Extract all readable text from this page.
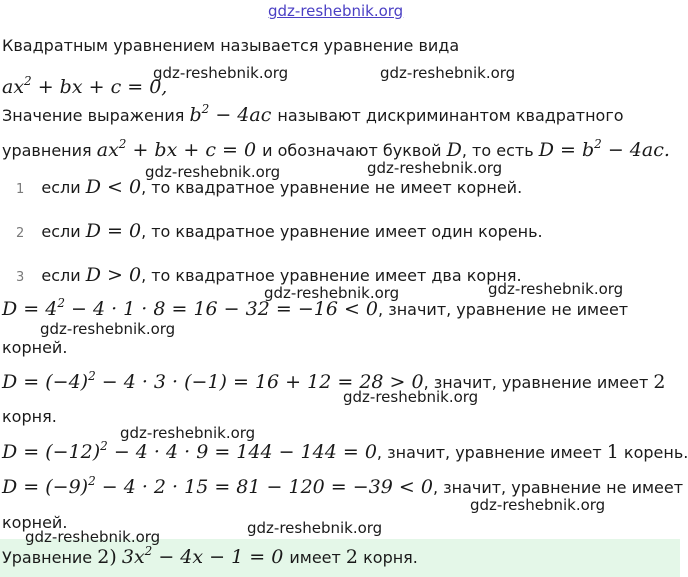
gdz-reshebnik.org
Квадратным уравнением называется уравнение вида
$ax^2$ + bx + c = 0,
Значение выражения $b^2 - 4ac$ называют дискриминантом квадратного
уравнения $ax^2$ + bx + c = 0 и обозначают буквой D, то есть $D = b^2 - 4ac$.
1 если D < 0, то квадратное уравнение не имеет корней.
2 если D = 0, то квадратное уравнение имеет один корень.
3 если D > 0, то квадратное уравнение имеет два корня.
$D = 4^2 - 4 \cdot 1 \cdot 8 = 16 - 32 = -16 < 0$, значит, уравнение не имеет
корней.
$D = (-4)^2 - 4 \cdot 3 \cdot (-1) = 16 + 12 = 28 > 0$, значит, уравнение имеет 2
корня.
$D = (-12)^2 - 4 \cdot 4 \cdot 9 = 144 - 144 = 0$, значит, уравнение имеет 1 корень.
$D = (-9)^2 - 4 \cdot 2 \cdot 15 = 81 - 120 = -39 < 0$, значит, уравнение не имеет
корней.
Уравнение 2) $3x^2 - 4x - 1 = 0$ имеет 2 корня.
gdz-reshebnik.org	gdz-reshebnik.org
gdz-reshebnik.org	gdz-reshebnik.org
gdz-reshebnik.org	gdz-reshebnik.org
gdz-reshebnik.org
gdz-reshebnik.org
gdz-reshebnik.org
gdz-reshebnik.org
gdz-reshebnik.org
gdz-reshebnik.org
